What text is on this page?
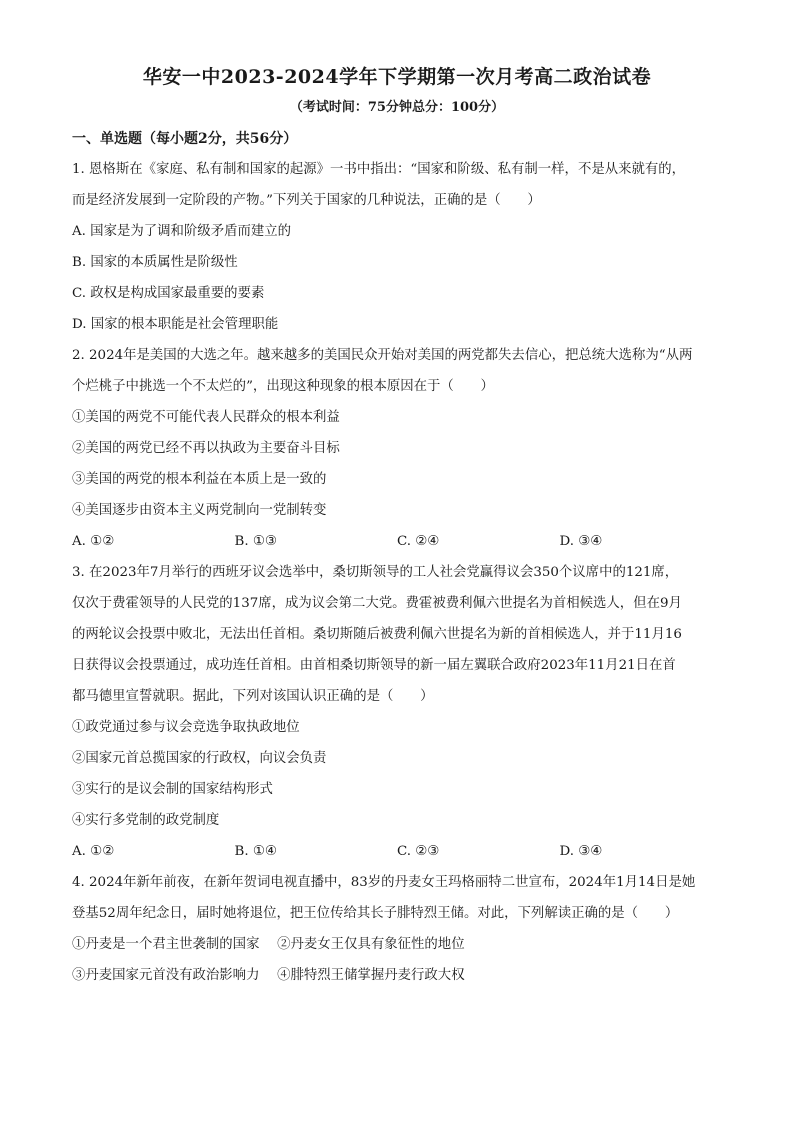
华安一中2023-2024学年下学期第一次月考高二政治试卷

（考试时间：75分钟总分：100分）

一、单选题（每小题2分，共56分）

1. 恩格斯在《家庭、私有制和国家的起源》一书中指出：“国家和阶级、私有制一样，不是从来就有的，

而是经济发展到一定阶段的产物。”下列关于国家的几种说法，正确的是（　　）

A. 国家是为了调和阶级矛盾而建立的

B. 国家的本质属性是阶级性

C. 政权是构成国家最重要的要素

D. 国家的根本职能是社会管理职能

2. 2024年是美国的大选之年。越来越多的美国民众开始对美国的两党都失去信心，把总统大选称为“从两

个烂桃子中挑选一个不太烂的”，出现这种现象的根本原因在于（　　）

①美国的两党不可能代表人民群众的根本利益

②美国的两党已经不再以执政为主要奋斗目标

③美国的两党的根本利益在本质上是一致的

④美国逐步由资本主义两党制向一党制转变

A. ①②	B. ①③	C. ②④	D. ③④

3. 在2023年7月举行的西班牙议会选举中，桑切斯领导的工人社会党赢得议会350个议席中的121席，

仅次于费霍领导的人民党的137席，成为议会第二大党。费霍被费利佩六世提名为首相候选人，但在9月

的两轮议会投票中败北，无法出任首相。桑切斯随后被费利佩六世提名为新的首相候选人，并于11月16

日获得议会投票通过，成功连任首相。由首相桑切斯领导的新一届左翼联合政府2023年11月21日在首

都马德里宣誓就职。据此，下列对该国认识正确的是（　　）

①政党通过参与议会竞选争取执政地位

②国家元首总揽国家的行政权，向议会负责

③实行的是议会制的国家结构形式

④实行多党制的政党制度

A. ①②	B. ①④	C. ②③	D. ③④

4. 2024年新年前夜，在新年贺词电视直播中，83岁的丹麦女王玛格丽特二世宣布，2024年1月14日是她

登基52周年纪念日，届时她将退位，把王位传给其长子腓特烈王储。对此，下列解读正确的是（　　）

①丹麦是一个君主世袭制的国家　 ②丹麦女王仅具有象征性的地位

③丹麦国家元首没有政治影响力　 ④腓特烈王储掌握丹麦行政大权
